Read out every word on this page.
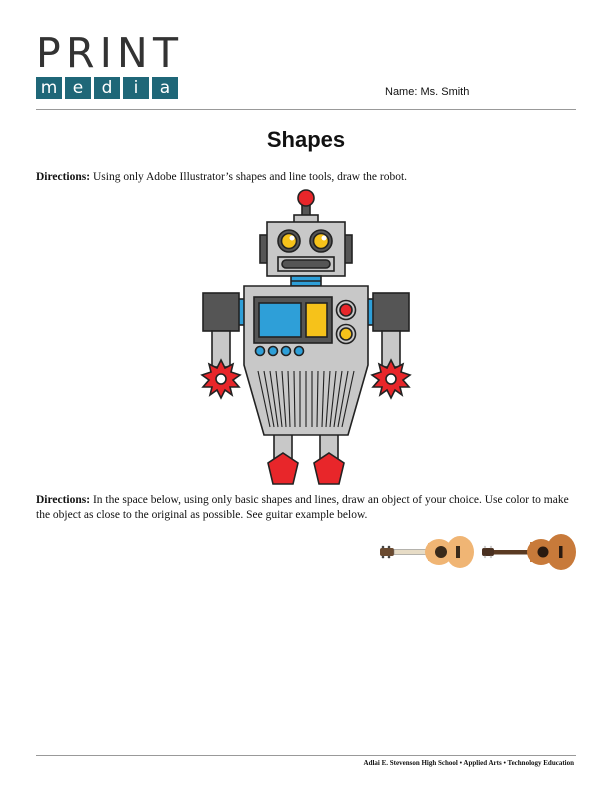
P R I N T
m e	d	i	a	Name: Ms. Smith
Shapes
Directions: Using only Adobe Illustrator’s shapes and line tools, draw the robot.
Directions: In the space below, using only basic shapes and lines, draw an object of your choice. Use color to make the object as close to the original as possible. See guitar example below.
Adlai E. Stevenson High School • Applied Arts • Technology Education
